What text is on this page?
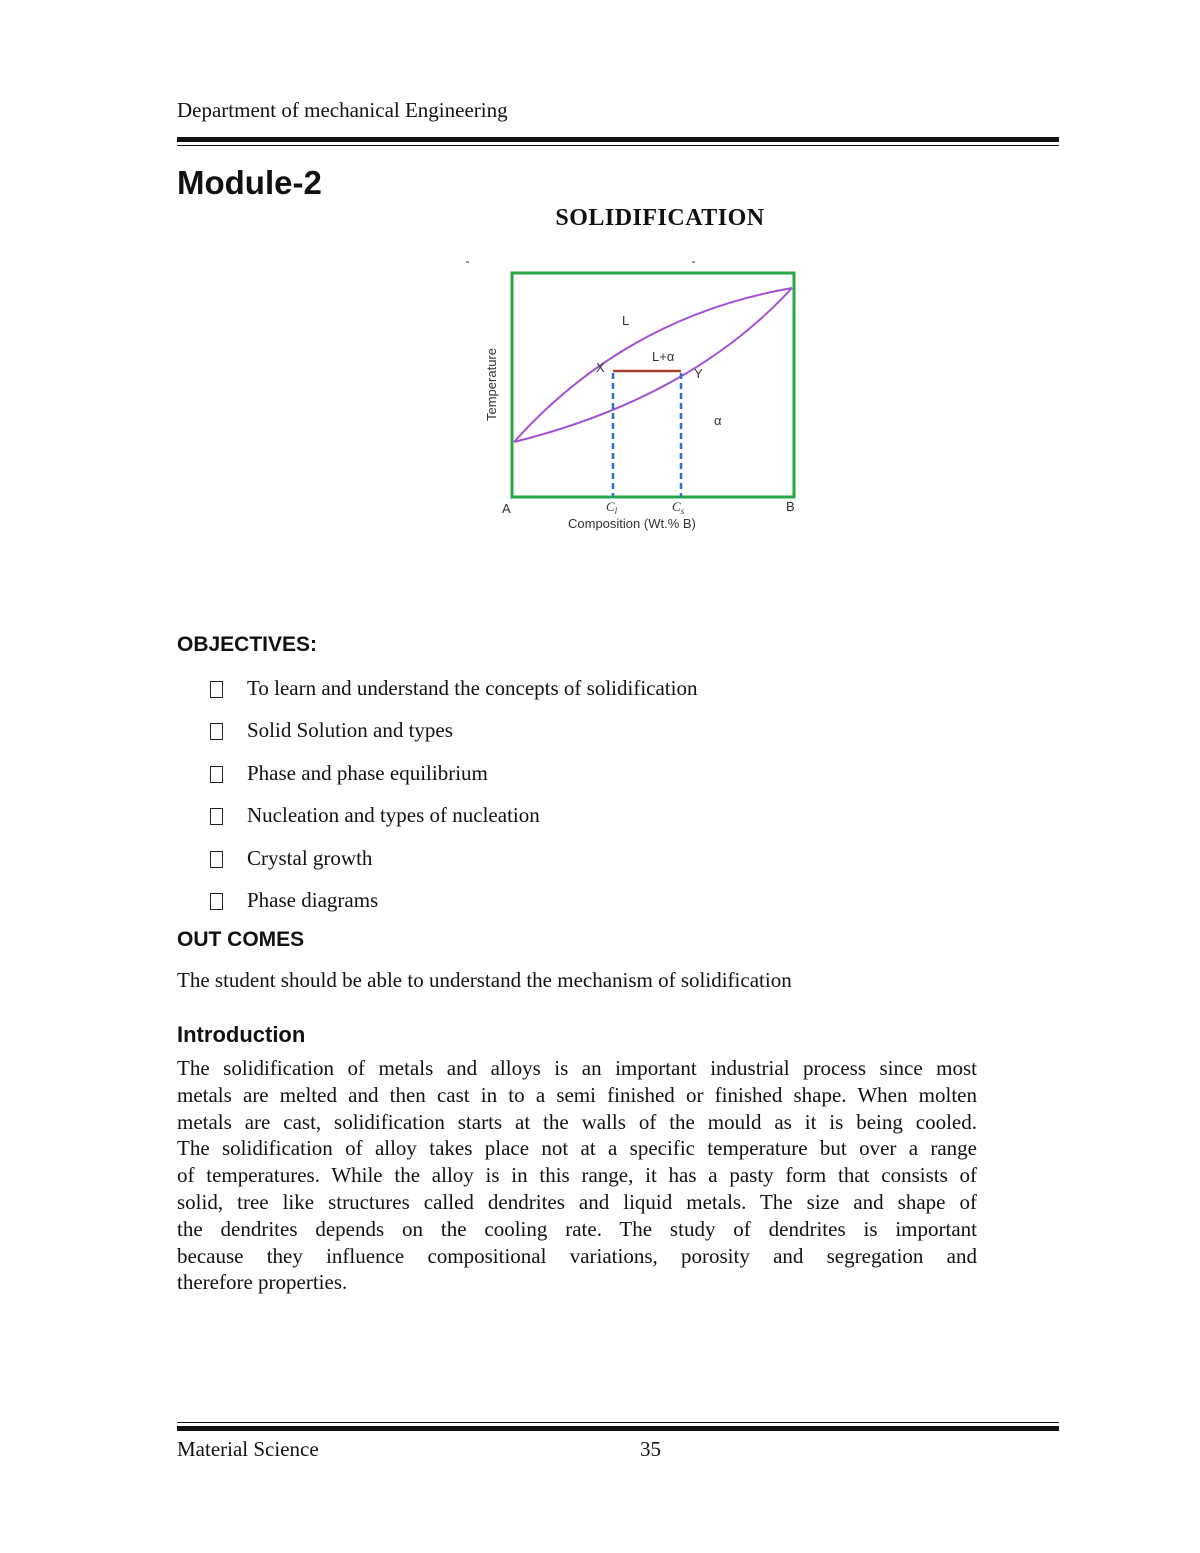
Department of mechanical Engineering
Module-2
SOLIDIFICATION
L
L+α
α
X	Y
A	B
$C_l$	$C_s$
Composition (Wt.% B)
Temperature
OBJECTIVES:
To learn and understand the concepts of solidification
Solid Solution and types
Phase and phase equilibrium
Nucleation and types of nucleation
Crystal growth
Phase diagrams
OUT COMES
The student should be able to understand the mechanism of solidification
Introduction
The solidification of metals and alloys is an important industrial process since most
metals are melted and then cast in to a semi finished or finished shape. When molten
metals are cast, solidification starts at the walls of the mould as it is being cooled.
The solidification of alloy takes place not at a specific temperature but over a range
of temperatures. While the alloy is in this range, it has a pasty form that consists of
solid, tree like structures called dendrites and liquid metals. The size and shape of
the dendrites depends on the cooling rate. The study of dendrites is important
because they influence compositional variations, porosity and segregation and
therefore properties.
Material Science	35
